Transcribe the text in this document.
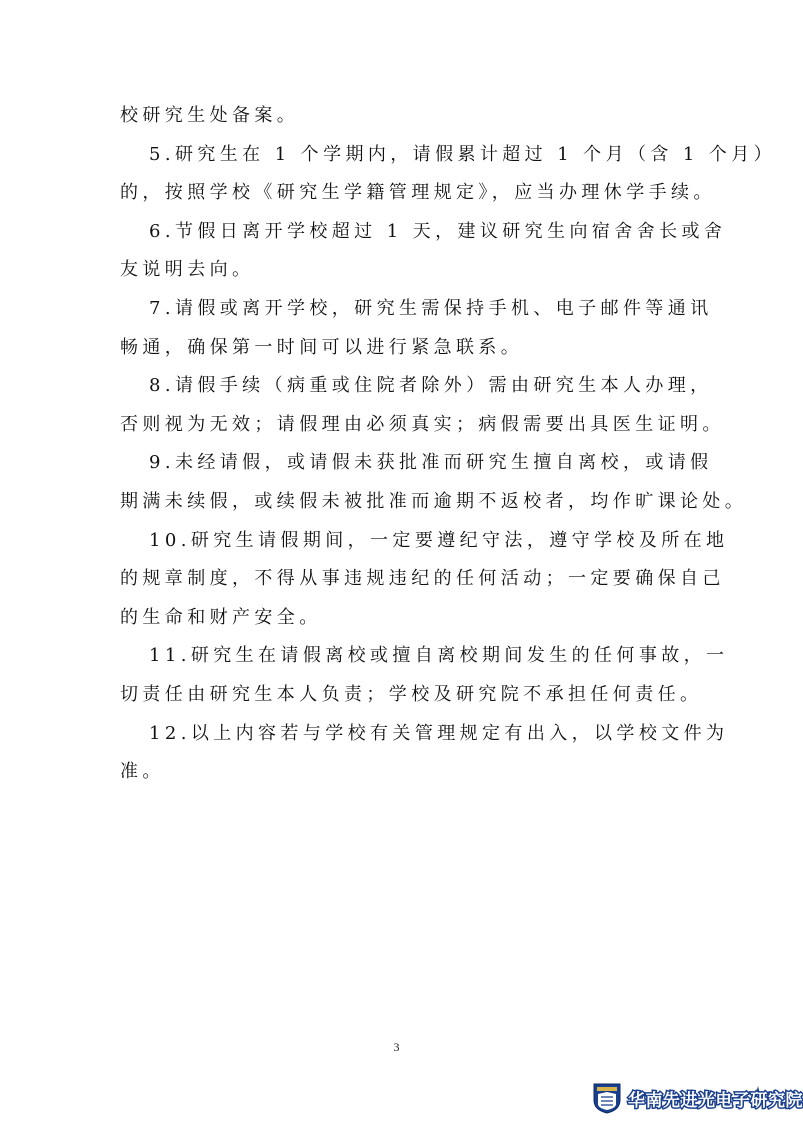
校研究生处备案。

5.研究生在 1 个学期内，请假累计超过 1 个月（含 1 个月）
的，按照学校《研究生学籍管理规定》，应当办理休学手续。

6.节假日离开学校超过 1 天，建议研究生向宿舍舍长或舍
友说明去向。

7.请假或离开学校，研究生需保持手机、电子邮件等通讯
畅通，确保第一时间可以进行紧急联系。

8.请假手续（病重或住院者除外）需由研究生本人办理，
否则视为无效；请假理由必须真实；病假需要出具医生证明。

9.未经请假，或请假未获批准而研究生擅自离校，或请假
期满未续假，或续假未被批准而逾期不返校者，均作旷课论处。

10.研究生请假期间，一定要遵纪守法，遵守学校及所在地
的规章制度，不得从事违规违纪的任何活动；一定要确保自己
的生命和财产安全。

11.研究生在请假离校或擅自离校期间发生的任何事故，一
切责任由研究生本人负责；学校及研究院不承担任何责任。

12.以上内容若与学校有关管理规定有出入，以学校文件为
准。

3
华南先进光电子研究院
